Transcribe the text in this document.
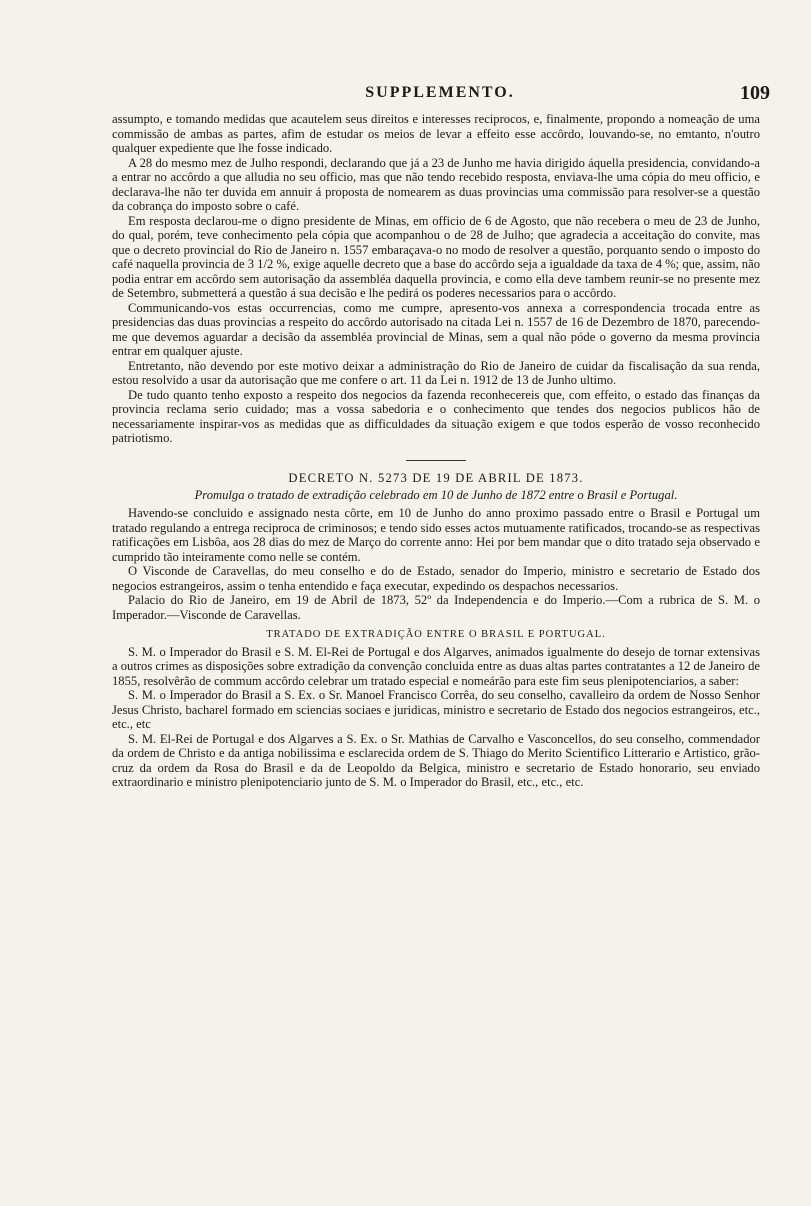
SUPPLEMENTO.	109

assumpto, e tomando medidas que acautelem seus direitos e interesses reciprocos, e, finalmente, propondo a nomeação de uma commissão de ambas as partes, afim de estudar os meios de levar a effeito esse accôrdo, louvando-se, no emtanto, n'outro qualquer expediente que lhe fosse indicado.

A 28 do mesmo mez de Julho respondi, declarando que já a 23 de Junho me havia dirigido áquella presidencia, convidando-a a entrar no accôrdo a que alludia no seu officio, mas que não tendo recebido resposta, enviava-lhe uma cópia do meu officio, e declarava-lhe não ter duvida em annuir á proposta de nomearem as duas provincias uma commissão para resolver-se a questão da cobrança do imposto sobre o café.

Em resposta declarou-me o digno presidente de Minas, em officio de 6 de Agosto, que não recebera o meu de 23 de Junho, do qual, porém, teve conhecimento pela cópia que acompanhou o de 28 de Julho; que agradecia a acceitação do convite, mas que o decreto provincial do Rio de Janeiro n. 1557 embaraçava-o no modo de resolver a questão, porquanto sendo o imposto do café naquella provincia de 3 1/2 %, exige aquelle decreto que a base do accôrdo seja a igualdade da taxa de 4 %; que, assim, não podia entrar em accôrdo sem autorisação da assembléa daquella provincia, e como ella deve tambem reunir-se no presente mez de Setembro, submetterá a questão á sua decisão e lhe pedirá os poderes necessarios para o accôrdo.

Communicando-vos estas occurrencias, como me cumpre, apresento-vos annexa a correspondencia trocada entre as presidencias das duas provincias a respeito do accôrdo autorisado na citada Lei n. 1557 de 16 de Dezembro de 1870, parecendo-me que devemos aguardar a decisão da assembléa provincial de Minas, sem a qual não póde o governo da mesma provincia entrar em qualquer ajuste.

Entretanto, não devendo por este motivo deixar a administração do Rio de Janeiro de cuidar da fiscalisação da sua renda, estou resolvido a usar da autorisação que me confere o art. 11 da Lei n. 1912 de 13 de Junho ultimo.

De tudo quanto tenho exposto a respeito dos negocios da fazenda reconhecereis que, com effeito, o estado das finanças da provincia reclama serio cuidado; mas a vossa sabedoria e o conhecimento que tendes dos negocios publicos hão de necessariamente inspirar-vos as medidas que as difficuldades da situação exigem e que todos esperão de vosso reconhecido patriotismo.

DECRETO N. 5273 DE 19 DE ABRIL DE 1873.
Promulga o tratado de extradição celebrado em 10 de Junho de 1872 entre o Brasil e Portugal.

Havendo-se concluido e assignado nesta côrte, em 10 de Junho do anno proximo passado entre o Brasil e Portugal um tratado regulando a entrega reciproca de criminosos; e tendo sido esses actos mutuamente ratificados, trocando-se as respectivas ratificações em Lisbôa, aos 28 dias do mez de Março do corrente anno: Hei por bem mandar que o dito tratado seja observado e cumprido tão inteiramente como nelle se contém.

O Visconde de Caravellas, do meu conselho e do de Estado, senador do Imperio, ministro e secretario de Estado dos negocios estrangeiros, assim o tenha entendido e faça executar, expedindo os despachos necessarios.

Palacio do Rio de Janeiro, em 19 de Abril de 1873, 52º da Independencia e do Imperio.—Com a rubrica de S. M. o Imperador.—Visconde de Caravellas.

TRATADO DE EXTRADIÇÃO ENTRE O BRASIL E PORTUGAL.

S. M. o Imperador do Brasil e S. M. El-Rei de Portugal e dos Algarves, animados igualmente do desejo de tornar extensivas a outros crimes as disposições sobre extradição da convenção concluida entre as duas altas partes contratantes a 12 de Janeiro de 1855, resolvêrão de commum accôrdo celebrar um tratado especial e nomeárão para este fim seus plenipotenciarios, a saber:

S. M. o Imperador do Brasil a S. Ex. o Sr. Manoel Francisco Corrêa, do seu conselho, cavalleiro da ordem de Nosso Senhor Jesus Christo, bacharel formado em sciencias sociaes e juridicas, ministro e secretario de Estado dos negocios estrangeiros, etc., etc., etc

S. M. El-Rei de Portugal e dos Algarves a S. Ex. o Sr. Mathias de Carvalho e Vasconcellos, do seu conselho, commendador da ordem de Christo e da antiga nobilissima e esclarecida ordem de S. Thiago do Merito Scientifico Litterario e Artistico, grão-cruz da ordem da Rosa do Brasil e da de Leopoldo da Belgica, ministro e secretario de Estado honorario, seu enviado extraordinario e ministro plenipotenciario junto de S. M. o Imperador do Brasil, etc., etc., etc.
